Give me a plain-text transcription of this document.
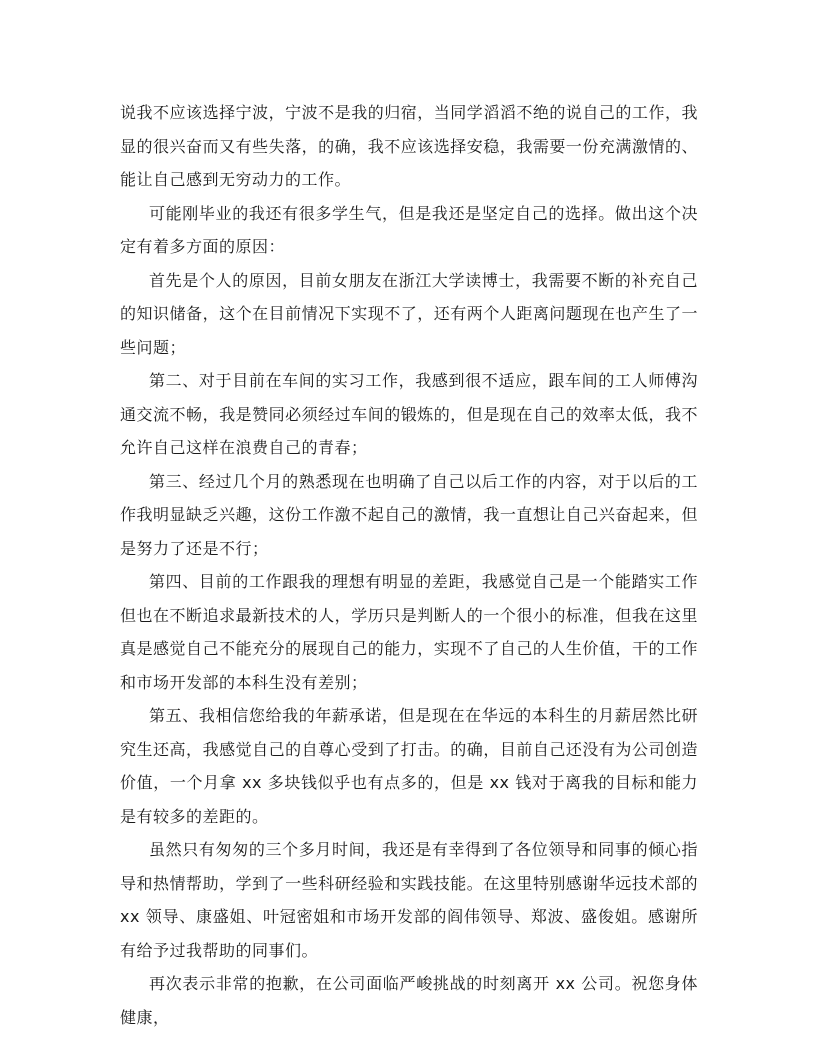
说我不应该选择宁波，宁波不是我的归宿，当同学滔滔不绝的说自己的工作，我显的很兴奋而又有些失落，的确，我不应该选择安稳，我需要一份充满激情的、能让自己感到无穷动力的工作。

可能刚毕业的我还有很多学生气，但是我还是坚定自己的选择。做出这个决定有着多方面的原因：

首先是个人的原因，目前女朋友在浙江大学读博士，我需要不断的补充自己的知识储备，这个在目前情况下实现不了，还有两个人距离问题现在也产生了一些问题；

第二、对于目前在车间的实习工作，我感到很不适应，跟车间的工人师傅沟通交流不畅，我是赞同必须经过车间的锻炼的，但是现在自己的效率太低，我不允许自己这样在浪费自己的青春；

第三、经过几个月的熟悉现在也明确了自己以后工作的内容，对于以后的工作我明显缺乏兴趣，这份工作激不起自己的激情，我一直想让自己兴奋起来，但是努力了还是不行；

第四、目前的工作跟我的理想有明显的差距，我感觉自己是一个能踏实工作但也在不断追求最新技术的人，学历只是判断人的一个很小的标准，但我在这里真是感觉自己不能充分的展现自己的能力，实现不了自己的人生价值，干的工作和市场开发部的本科生没有差别；

第五、我相信您给我的年薪承诺，但是现在在华远的本科生的月薪居然比研究生还高，我感觉自己的自尊心受到了打击。的确，目前自己还没有为公司创造价值，一个月拿 xx 多块钱似乎也有点多的，但是 xx 钱对于离我的目标和能力是有较多的差距的。

虽然只有匆匆的三个多月时间，我还是有幸得到了各位领导和同事的倾心指导和热情帮助，学到了一些科研经验和实践技能。在这里特别感谢华远技术部的 xx 领导、康盛姐、叶冠密姐和市场开发部的阎伟领导、郑波、盛俊姐。感谢所有给予过我帮助的同事们。

再次表示非常的抱歉，在公司面临严峻挑战的时刻离开 xx 公司。祝您身体健康，
